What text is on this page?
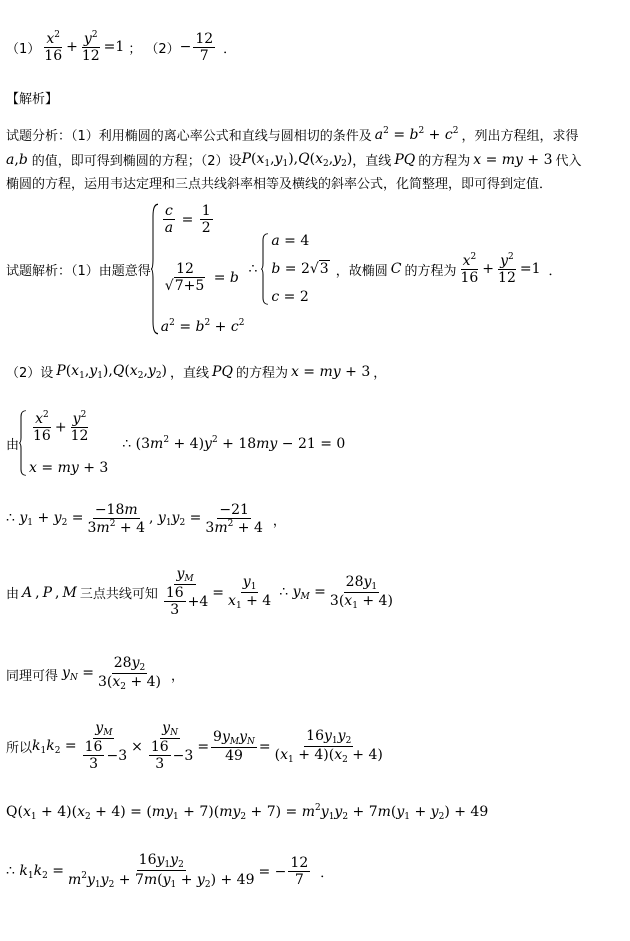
$(1) \frac{x^2}{16} + \frac{y^2}{12} =1$ ； $(2) - \frac{12}{7}$ ．
【解析】
试题分析：（1）利用椭圆的离心率公式和直线与圆相切的条件及 $a^2 = b^2 + c^2$ ，列出方程组，求得
a , b 的值，即可得到椭圆的方程；（2）设 $P(x_1,y_1),Q(x_2,y_2)$ ，直线 PQ 的方程为 x = my + 3 代入
椭圆的方程，运用韦达定理和三点共线斜率相等及横线的斜率公式，化简整理，即可得到定值．
试题解析：（1）由题意得
$\frac{c}{a} = \frac{1}{2}$
$\frac{12}{√7+5} = b$
$a^2 = b^2 + c^2$
∴
a = 4
b = 2√3
c = 2
，故椭圆 C 的方程为 $\frac{x^2}{16} + \frac{y^2}{12} =1$ ．
（2）设 $P(x_1,y_1),Q(x_2,y_2)$ ，直线 PQ 的方程为 x = my + 3 ，
由
$\frac{x^2}{16} + \frac{y^2}{12}$
x = my + 3
∴ $(3m^2 + 4)y^2 + 18my - 21 = 0$
∴ $y_1 + y_2 = \frac{-18m}{3m^2 + 4}$ , $y_1y_2 = \frac{-21}{3m^2 + 4}$ ，
由 A , P , M 三点共线可知 $\frac{y_M}{\frac{16}{3} +4} = \frac{y_1}{x_1 + 4}$ ∴ $y_M = \frac{28y_1}{3(x_1 + 4)}$
同理可得 $y_N = \frac{28y_2}{3(x_2 + 4)}$ ，
所以 $k_1k_2 = \frac{y_M}{\frac{16}{3} -3} \times \frac{y_N}{\frac{16}{3} -3} = \frac{9y_My_N}{49} = \frac{16y_1y_2}{(x_1 + 4)(x_2 + 4)}$
$Q(x_1 + 4)(x_2 + 4) = (my_1 + 7)(my_2 + 7) = m^2y_1y_2 + 7m(y_1 + y_2) + 49$
∴ $k_1k_2 = \frac{16y_1y_2}{m^2y_1y_2 + 7m(y_1 + y_2) + 49}$ = − $\frac{12}{7}$ ．
